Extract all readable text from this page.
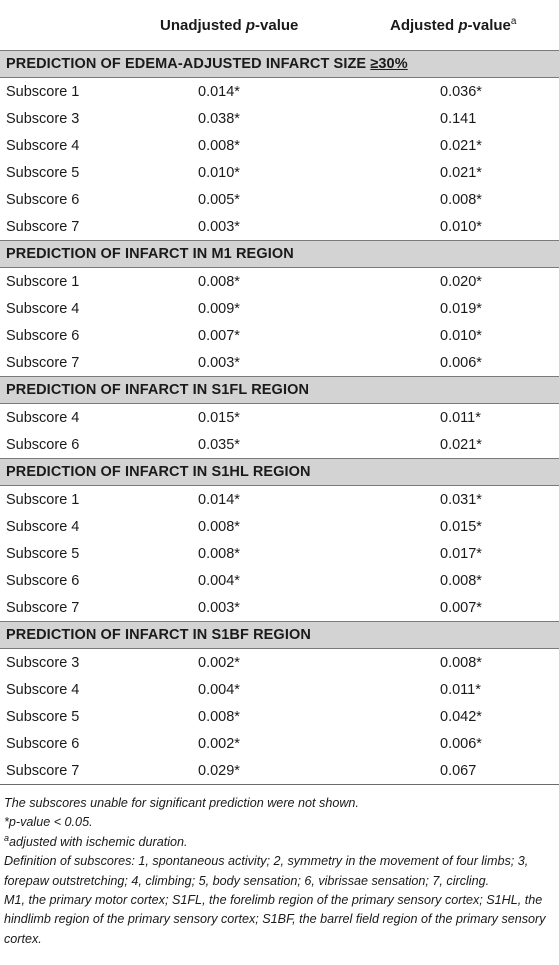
	Unadjusted p-value	Adjusted p-value$^a$
PREDICTION OF EDEMA-ADJUSTED INFARCT SIZE ≥30%		
Subscore 1	0.014*	0.036*
Subscore 3	0.038*	0.141
Subscore 4	0.008*	0.021*
Subscore 5	0.010*	0.021*
Subscore 6	0.005*	0.008*
Subscore 7	0.003*	0.010*
PREDICTION OF INFARCT IN M1 REGION		
Subscore 1	0.008*	0.020*
Subscore 4	0.009*	0.019*
Subscore 6	0.007*	0.010*
Subscore 7	0.003*	0.006*
PREDICTION OF INFARCT IN S1FL REGION		
Subscore 4	0.015*	0.011*
Subscore 6	0.035*	0.021*
PREDICTION OF INFARCT IN S1HL REGION		
Subscore 1	0.014*	0.031*
Subscore 4	0.008*	0.015*
Subscore 5	0.008*	0.017*
Subscore 6	0.004*	0.008*
Subscore 7	0.003*	0.007*
PREDICTION OF INFARCT IN S1BF REGION		
Subscore 3	0.002*	0.008*
Subscore 4	0.004*	0.011*
Subscore 5	0.008*	0.042*
Subscore 6	0.002*	0.006*
Subscore 7	0.029*	0.067

The subscores unable for significant prediction were not shown.

*p-value < 0.05.

$^a$adjusted with ischemic duration.

Definition of subscores: 1, spontaneous activity; 2, symmetry in the movement of four limbs; 3, forepaw outstretching; 4, climbing; 5, body sensation; 6, vibrissae sensation; 7, circling.

M1, the primary motor cortex; S1FL, the forelimb region of the primary sensory cortex; S1HL, the hindlimb region of the primary sensory cortex; S1BF, the barrel field region of the primary sensory cortex.
